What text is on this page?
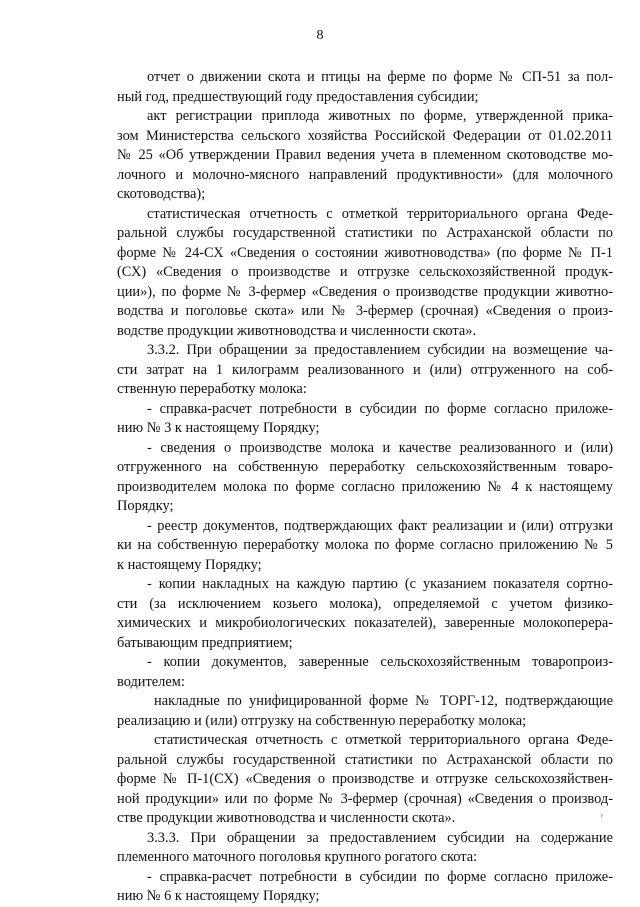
8
отчет о движении скота и птицы на ферме по форме № СП-51 за пол-
ный год, предшествующий году предоставления субсидии;
акт регистрации приплода животных по форме, утвержденной прика-
зом Министерства сельского хозяйства Российской Федерации от 01.02.2011
№ 25 «Об утверждении Правил ведения учета в племенном скотоводстве мо-
лочного и молочно-мясного направлений продуктивности» (для молочного
скотоводства);
статистическая отчетность с отметкой территориального органа Федe-
ральной службы государственной статистики по Астраханской области по
форме № 24-СХ «Сведения о состоянии животноводства» (по форме № П-1
(СХ) «Сведения о производстве и отгрузке сельскохозяйственной продук-
ции»), по форме № 3-фермер «Сведения о производстве продукции животно-
водства и поголовье скота» или № 3-фермер (срочная) «Сведения о произ-
водстве продукции животноводства и численности скота».
3.3.2. При обращении за предоставлением субсидии на возмещение ча-
сти затрат на 1 килограмм реализованного и (или) отгруженного на соб-
ственную переработку молока:
- справка-расчет потребности в субсидии по форме согласно приложе-
нию № 3 к настоящему Порядку;
- сведения о производстве молока и качестве реализованного и (или)
отгруженного на собственную переработку сельскохозяйственным товаро-
производителем молока по форме согласно приложению № 4 к настоящему
Порядку;
- реестр документов, подтверждающих факт реализации и (или) отгрузки
ки на собственную переработку молока по форме согласно приложению № 5
к настоящему Порядку;
- копии накладных на каждую партию (с указанием показателя сортно-
сти (за исключением козьего молока), определяемой с учетом физико-
химических и микробиологических показателей), заверенные молокоперера-
батывающим предприятием;
- копии документов, заверенные сельскохозяйственным товаропроиз-
водителем:
накладные по унифицированной форме № ТОРГ-12, подтверждающие
реализацию и (или) отгрузку на собственную переработку молока;
статистическая отчетность с отметкой территориального органа Феде-
ральной службы государственной статистики по Астраханской области по
форме № П-1(СХ) «Сведения о производстве и отгрузке сельскохозяйствен-
ной продукции» или по форме № 3-фермер (срочная) «Сведения о производ-
стве продукции животноводства и численности скота».
3.3.3. При обращении за предоставлением субсидии на содержание
племенного маточного поголовья крупного рогатого скота:
- справка-расчет потребности в субсидии по форме согласно приложе-
нию № 6 к настоящему Порядку;
›
